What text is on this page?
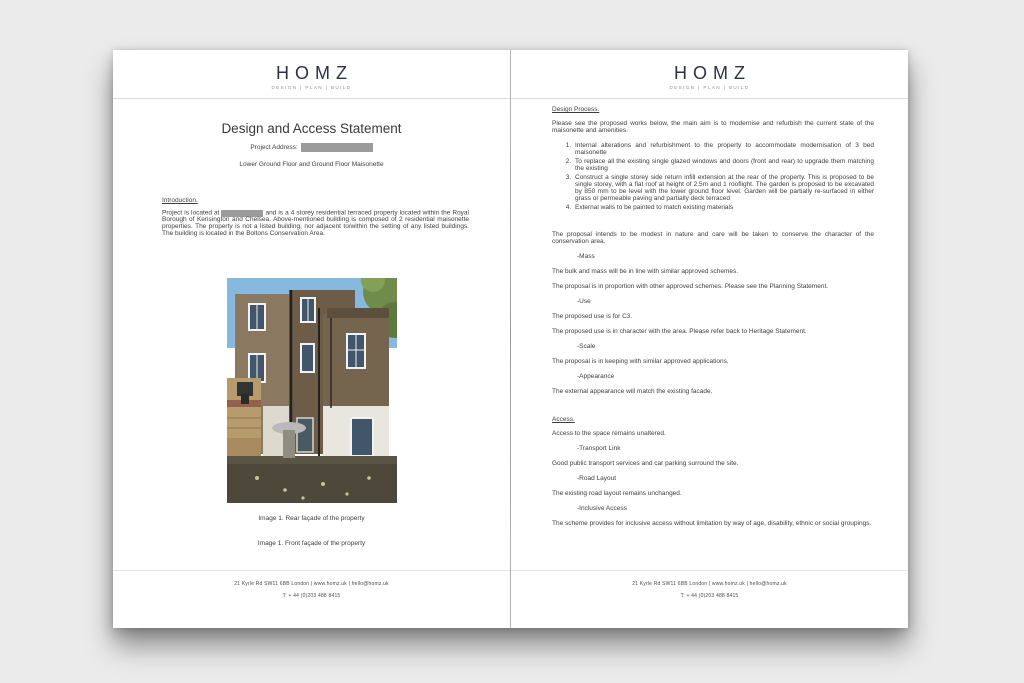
HOMZ
DESIGN | PLAN | BUILD
Design and Access Statement
Project Address:
Lower Ground Floor and Ground Floor Maisonette
Introduction.
Project is located at	and is a 4 storey residential terraced property located within the Royal Borough of Kensington and Chelsea. Above-mentioned building is composed of 2 residential maisonette properties. The property is not a listed building, nor adjacent to/within the setting of any listed buildings. The building is located in the Boltons Conservation Area.
Image 1. Rear façade of the property
Image 1. Front façade of the property
21 Kyrle Rd SW11 6BB London | www.homz.uk | hello@homz.uk
T: + 44 (0)203 488 8415
HOMZ
DESIGN | PLAN | BUILD
Design Process.

Please see the proposed works below, the main aim is to modernise and refurbish the current state of the maisonette and amenities.

1. Internal alterations and refurbishment to the property to accommodate modernisation of 3 bed maisonette
2. To replace all the existing single glazed windows and doors (front and rear) to upgrade them matching the existing
3. Construct a single storey side return infill extension at the rear of the property. This is proposed to be single storey, with a flat roof at height of 2.5m and 1 rooflight. The garden is proposed to be excavated by 850 mm to be level with the lower ground floor level. Garden will be partially re-surfaced in either grass or permeable paving and partially deck terraced
4. External walls to be painted to match existing materials

The proposal intends to be modest in nature and care will be taken to conserve the character of the conservation area.

-Mass

The bulk and mass will be in line with similar approved schemes.

The proposal is in proportion with other approved schemes. Please see the Planning Statement.

-Use

The proposed use is for C3.

The proposed use is in character with the area. Please refer back to Heritage Statement.

-Scale

The proposal is in keeping with similar approved applications.

-Appearance

The external appearance will match the existing facade.

Access.

Access to the space remains unaltered.

-Transport Link

Good public transport services and car parking surround the site.

-Road Layout

The existing road layout remains unchanged.

-Inclusive Access

The scheme provides for inclusive access without limitation by way of age, disability, ethnic or social groupings.

21 Kyrle Rd SW11 6BB London | www.homz.uk | hello@homz.uk
T: + 44 (0)203 488 8415
